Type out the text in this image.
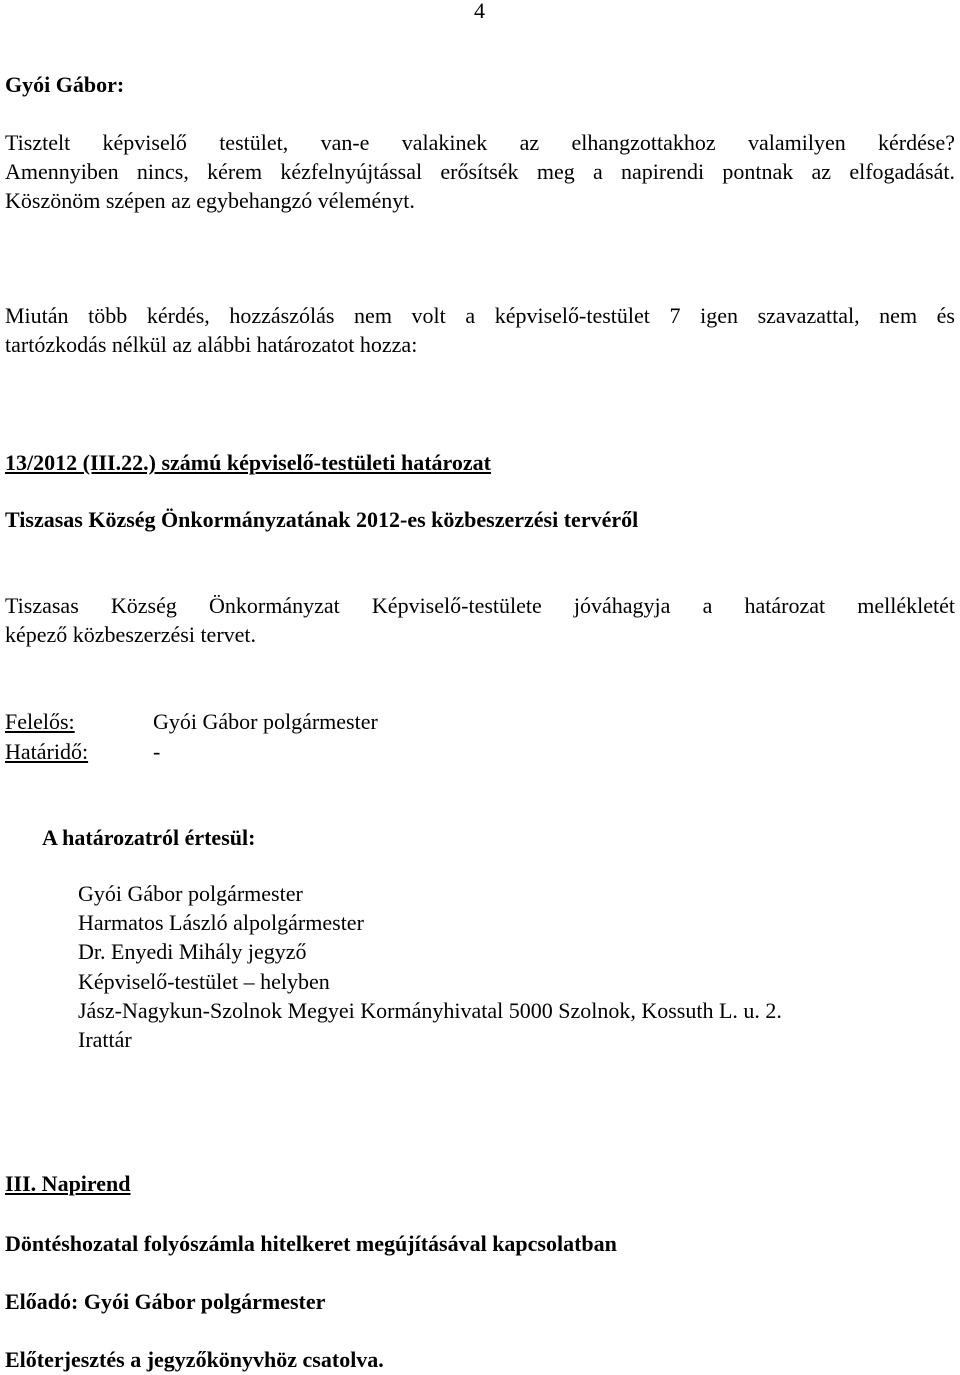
4
Gyói Gábor:
Tisztelt képviselő testület, van-e valakinek az elhangzottakhoz valamilyen kérdése?
Amennyiben nincs, kérem kézfelnyújtással erősítsék meg a napirendi pontnak az elfogadását.
Köszönöm szépen az egybehangzó véleményt.
Miután több kérdés, hozzászólás nem volt a képviselő-testület 7 igen szavazattal, nem és
tartózkodás nélkül az alábbi határozatot hozza:
13/2012 (III.22.) számú képviselő-testületi határozat
Tiszasas Község Önkormányzatának 2012-es közbeszerzési tervéről
Tiszasas Község Önkormányzat Képviselő-testülete jóváhagyja a határozat mellékletét
képező közbeszerzési tervet.
Felelős:	Gyói Gábor polgármester
Határidő:	-
A határozatról értesül:
Gyói Gábor polgármester
Harmatos László alpolgármester
Dr. Enyedi Mihály jegyző
Képviselő-testület – helyben
Jász-Nagykun-Szolnok Megyei Kormányhivatal 5000 Szolnok, Kossuth L. u. 2.
Irattár
III. Napirend
Döntéshozatal folyószámla hitelkeret megújításával kapcsolatban
Előadó: Gyói Gábor polgármester
Előterjesztés a jegyzőkönyvhöz csatolva.
